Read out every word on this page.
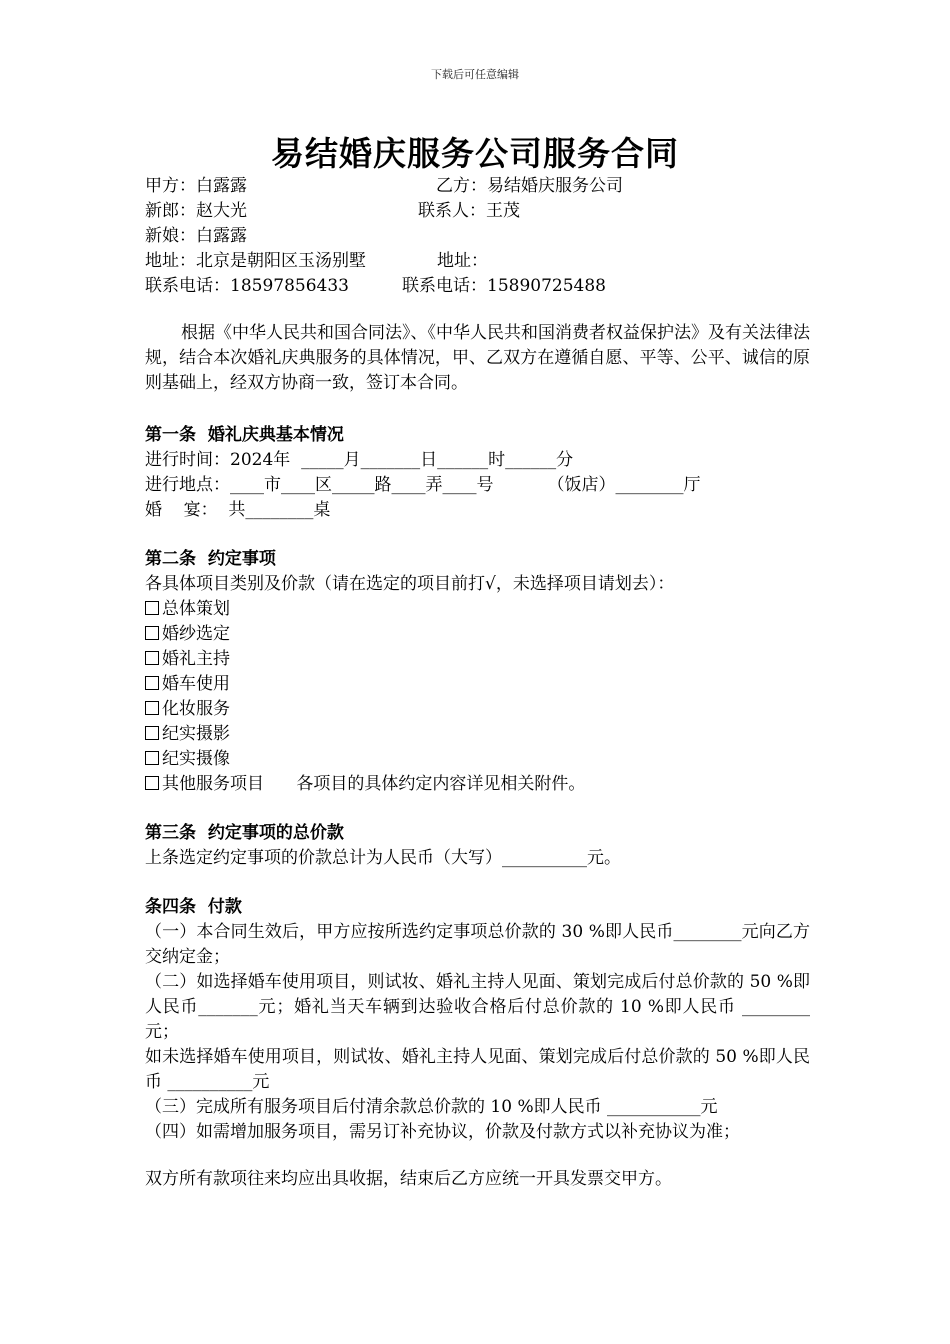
下载后可任意编辑
易结婚庆服务公司服务合同
甲方：白露露	乙方：易结婚庆服务公司
新郎：赵大光	联系人：王茂
新娘：白露露
地址：北京是朝阳区玉汤别墅	地址：
联系电话：18597856433	联系电话：15890725488
根据《中华人民共和国合同法》、《中华人民共和国消费者权益保护法》及有关法律法规，结合本次婚礼庆典服务的具体情况，甲、乙双方在遵循自愿、平等、公平、诚信的原则基础上，经双方协商一致，签订本合同。
第一条  婚礼庆典基本情况
进行时间：2024年  _____月_______日______时______分
进行地点：____市____区_____路____弄____号          （饭店）________厅
婚    宴：  共________桌
第二条  约定事项
各具体项目类别及价款（请在选定的项目前打√，未选择项目请划去）：
总体策划
婚纱选定
婚礼主持
婚车使用
化妆服务
纪实摄影
纪实摄像
其他服务项目      各项目的具体约定内容详见相关附件。
第三条  约定事项的总价款
上条选定约定事项的价款总计为人民币（大写）__________元。
条四条  付款
（一）本合同生效后，甲方应按所选约定事项总价款的 30 %即人民币________元向乙方交纳定金；
（二）如选择婚车使用项目，则试妆、婚礼主持人见面、策划完成后付总价款的 50 %即人民币_______元；婚礼当天车辆到达验收合格后付总价款的 10 %即人民币 ________元；
如未选择婚车使用项目，则试妆、婚礼主持人见面、策划完成后付总价款的 50 %即人民币 __________元
（三）完成所有服务项目后付清余款总价款的 10 %即人民币 ___________元
（四）如需增加服务项目，需另订补充协议，价款及付款方式以补充协议为准；
双方所有款项往来均应出具收据，结束后乙方应统一开具发票交甲方。
